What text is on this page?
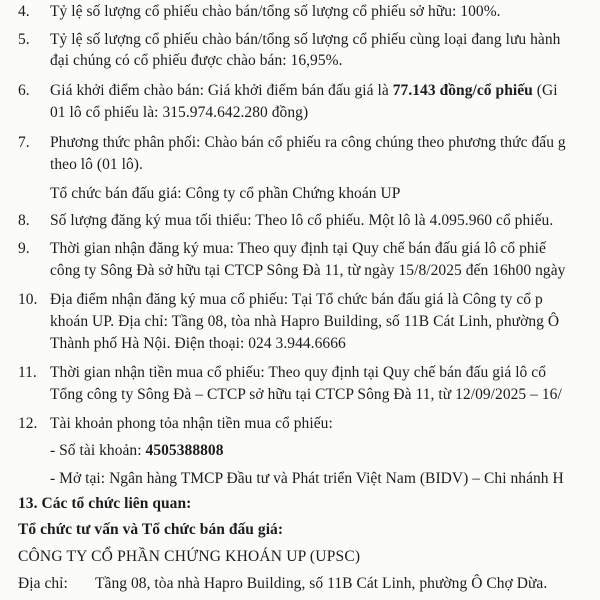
4. Tỷ lệ số lượng cổ phiếu chào bán/tổng số lượng cổ phiếu sở hữu: 100%.
5. Tỷ lệ số lượng cổ phiếu chào bán/tổng số lượng cổ phiếu cùng loại đang lưu hành
đại chúng có cổ phiếu được chào bán: 16,95%.
6. Giá khởi điểm chào bán: Giá khởi điểm bán đấu giá là 77.143 đồng/cổ phiếu (Gi
01 lô cổ phiếu là: 315.974.642.280 đồng)
7. Phương thức phân phối: Chào bán cổ phiếu ra công chúng theo phương thức đấu g
theo lô (01 lô).
Tổ chức bán đấu giá: Công ty cổ phần Chứng khoán UP
8. Số lượng đăng ký mua tối thiểu: Theo lô cổ phiếu. Một lô là 4.095.960 cổ phiếu.
9. Thời gian nhận đăng ký mua: Theo quy định tại Quy chế bán đấu giá lô cổ phiế
công ty Sông Đà sở hữu tại CTCP Sông Đà 11, từ ngày 15/8/2025 đến 16h00 ngày
10. Địa điểm nhận đăng ký mua cổ phiếu: Tại Tổ chức bán đấu giá là Công ty cổ p
khoán UP. Địa chỉ: Tầng 08, tòa nhà Hapro Building, số 11B Cát Linh, phường Ô
Thành phố Hà Nội. Điện thoại: 024 3.944.6666
11. Thời gian nhận tiền mua cổ phiếu: Theo quy định tại Quy chế bán đấu giá lô cổ
Tổng công ty Sông Đà – CTCP sở hữu tại CTCP Sông Đà 11, từ 12/09/2025 – 16/
12. Tài khoản phong tỏa nhận tiền mua cổ phiếu:
- Số tài khoản: 4505388808
- Mở tại: Ngân hàng TMCP Đầu tư và Phát triển Việt Nam (BIDV) – Chi nhánh H
13. Các tổ chức liên quan:
Tổ chức tư vấn và Tổ chức bán đấu giá:
CÔNG TY CỔ PHẦN CHỨNG KHOÁN UP (UPSC)
Địa chỉ: Tầng 08, tòa nhà Hapro Building, số 11B Cát Linh, phường Ô Chợ Dừa.
